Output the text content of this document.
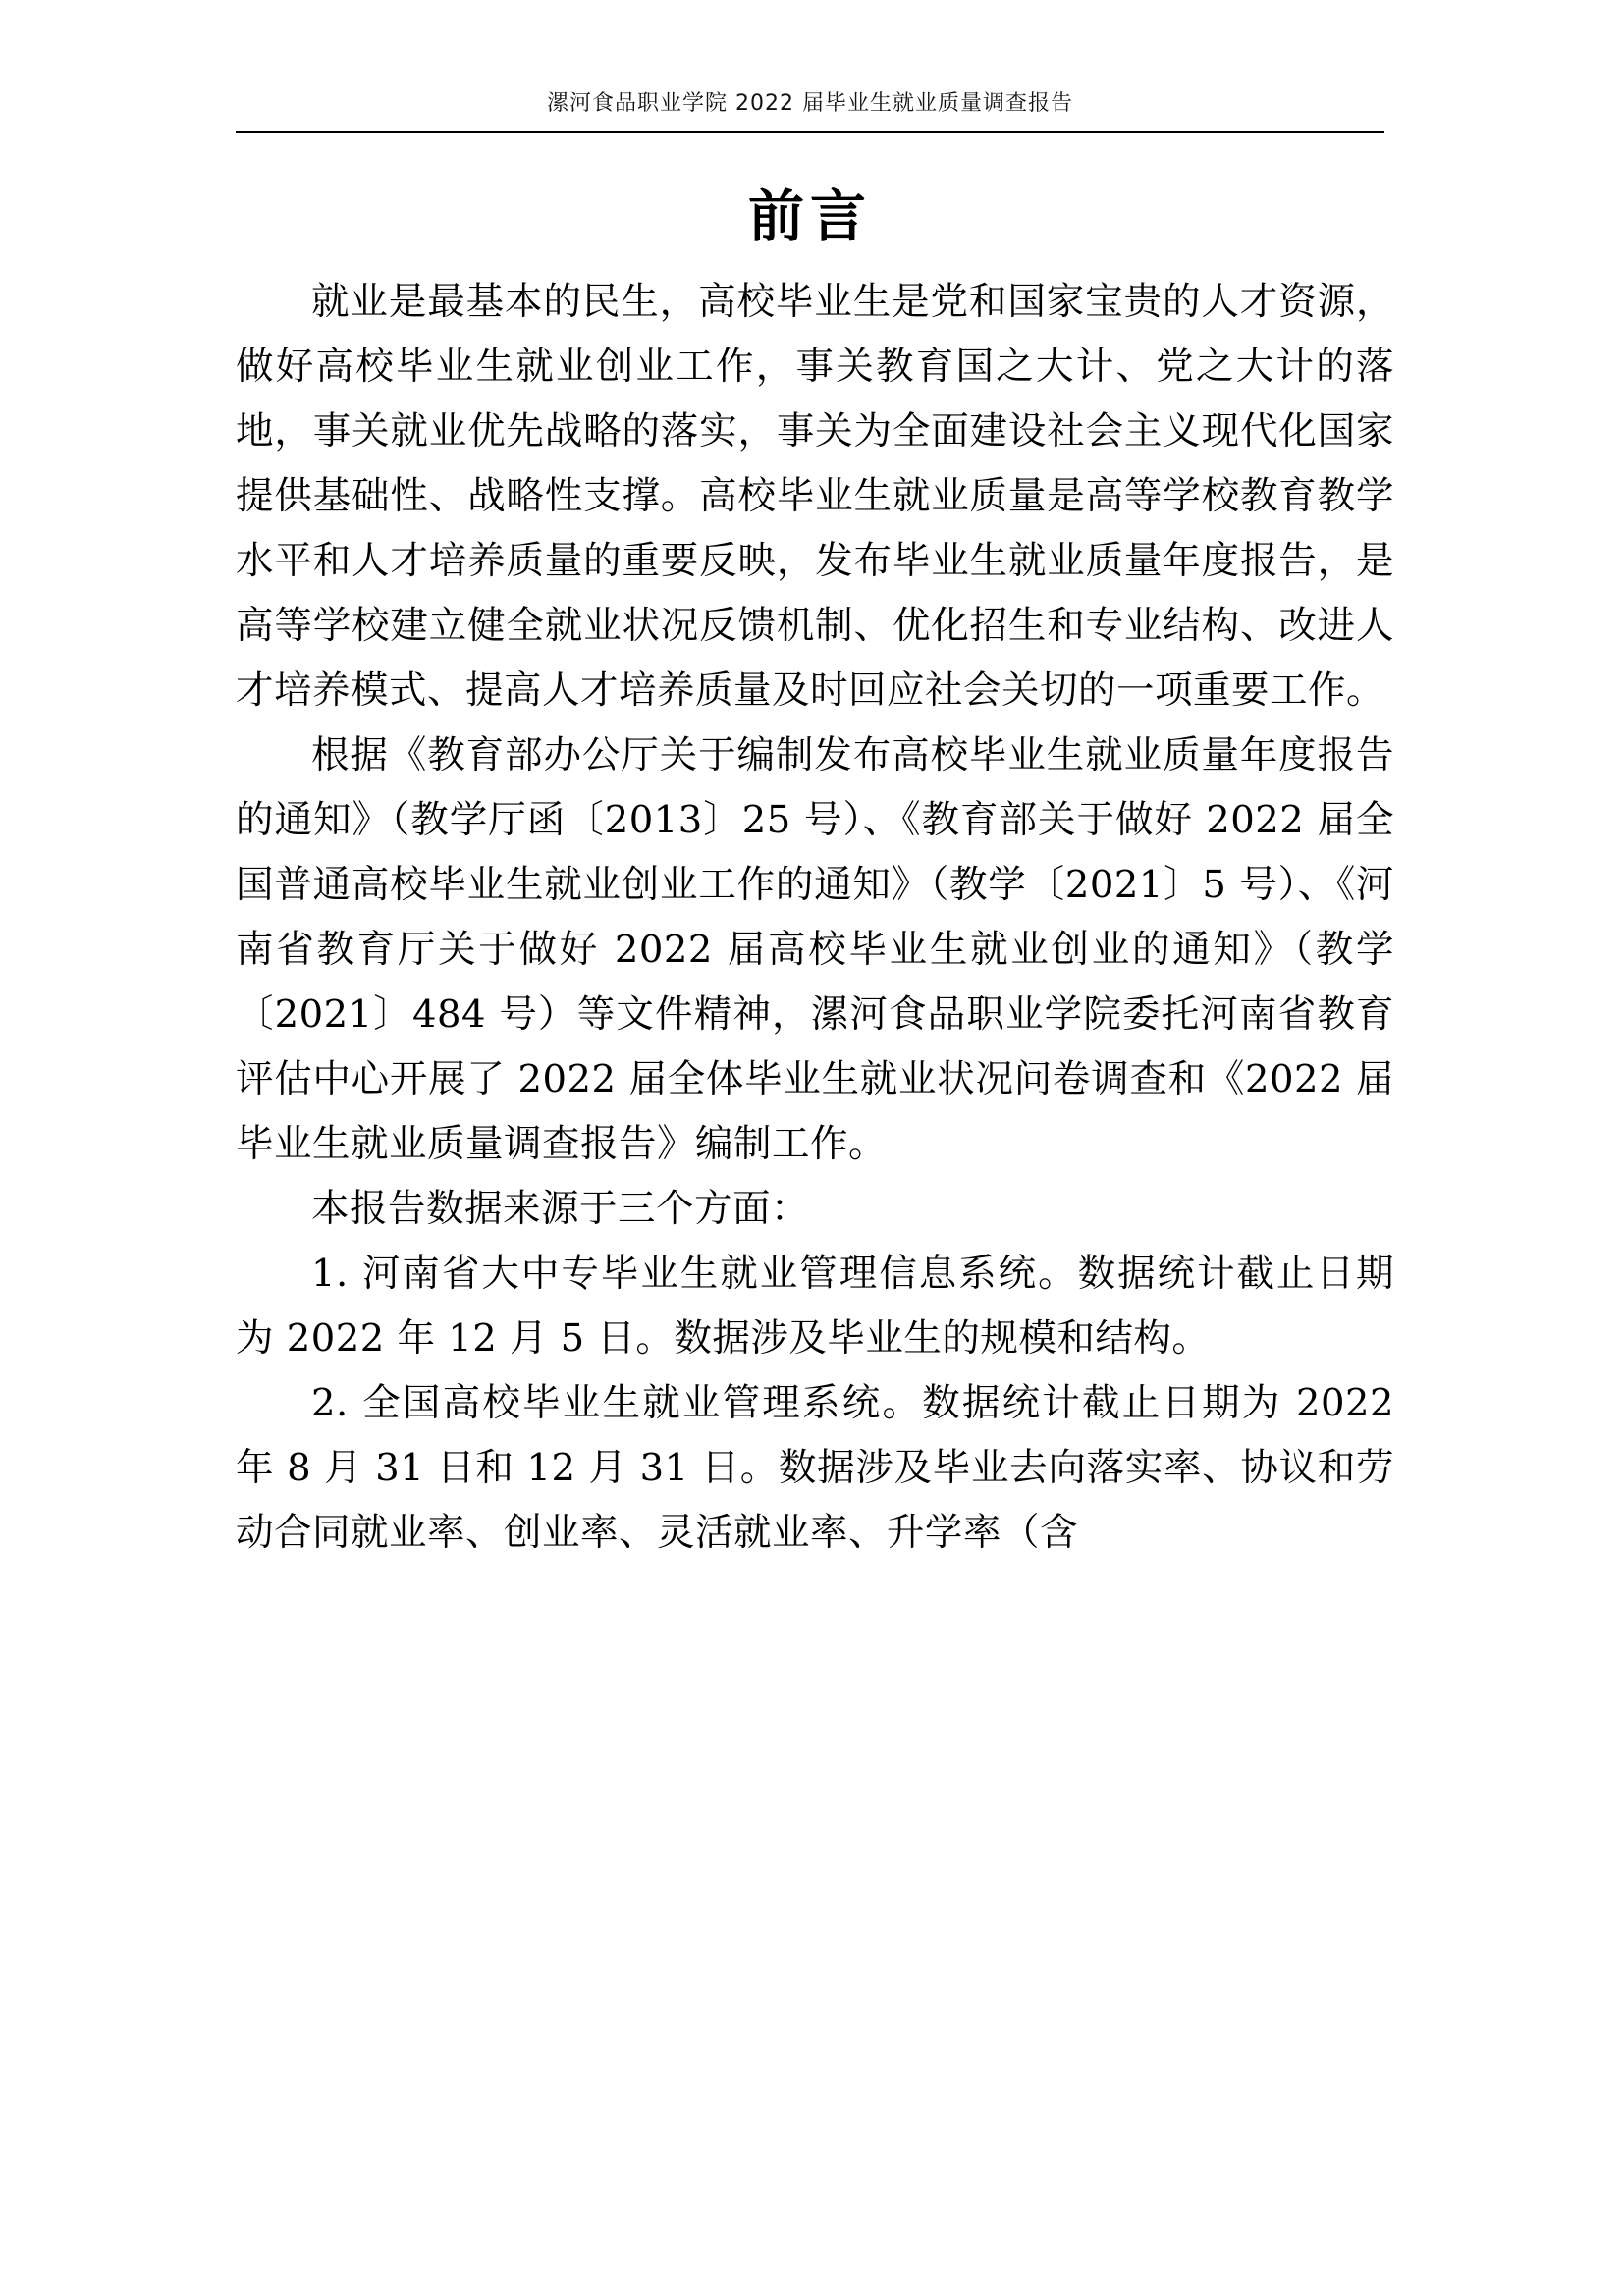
漯河食品职业学院 2022 届毕业生就业质量调查报告
前言

就业是最基本的民生，高校毕业生是党和国家宝贵的人才资源，做好高校毕业生就业创业工作，事关教育国之大计、党之大计的落地，事关就业优先战略的落实，事关为全面建设社会主义现代化国家提供基础性、战略性支撑。高校毕业生就业质量是高等学校教育教学水平和人才培养质量的重要反映，发布毕业生就业质量年度报告，是高等学校建立健全就业状况反馈机制、优化招生和专业结构、改进人才培养模式、提高人才培养质量及时回应社会关切的一项重要工作。

根据《教育部办公厅关于编制发布高校毕业生就业质量年度报告的通知》（教学厅函〔2013〕25 号）、《教育部关于做好 2022 届全国普通高校毕业生就业创业工作的通知》（教学〔2021〕5 号）、《河南省教育厅关于做好 2022 届高校毕业生就业创业的通知》（教学〔2021〕484 号）等文件精神，漯河食品职业学院委托河南省教育评估中心开展了 2022 届全体毕业生就业状况问卷调查和《2022 届毕业生就业质量调查报告》编制工作。

本报告数据来源于三个方面：

1. 河南省大中专毕业生就业管理信息系统。数据统计截止日期为 2022 年 12 月 5 日。数据涉及毕业生的规模和结构。

2. 全国高校毕业生就业管理系统。数据统计截止日期为 2022 年 8 月 31 日和 12 月 31 日。数据涉及毕业去向落实率、协议和劳动合同就业率、创业率、灵活就业率、升学率（含
